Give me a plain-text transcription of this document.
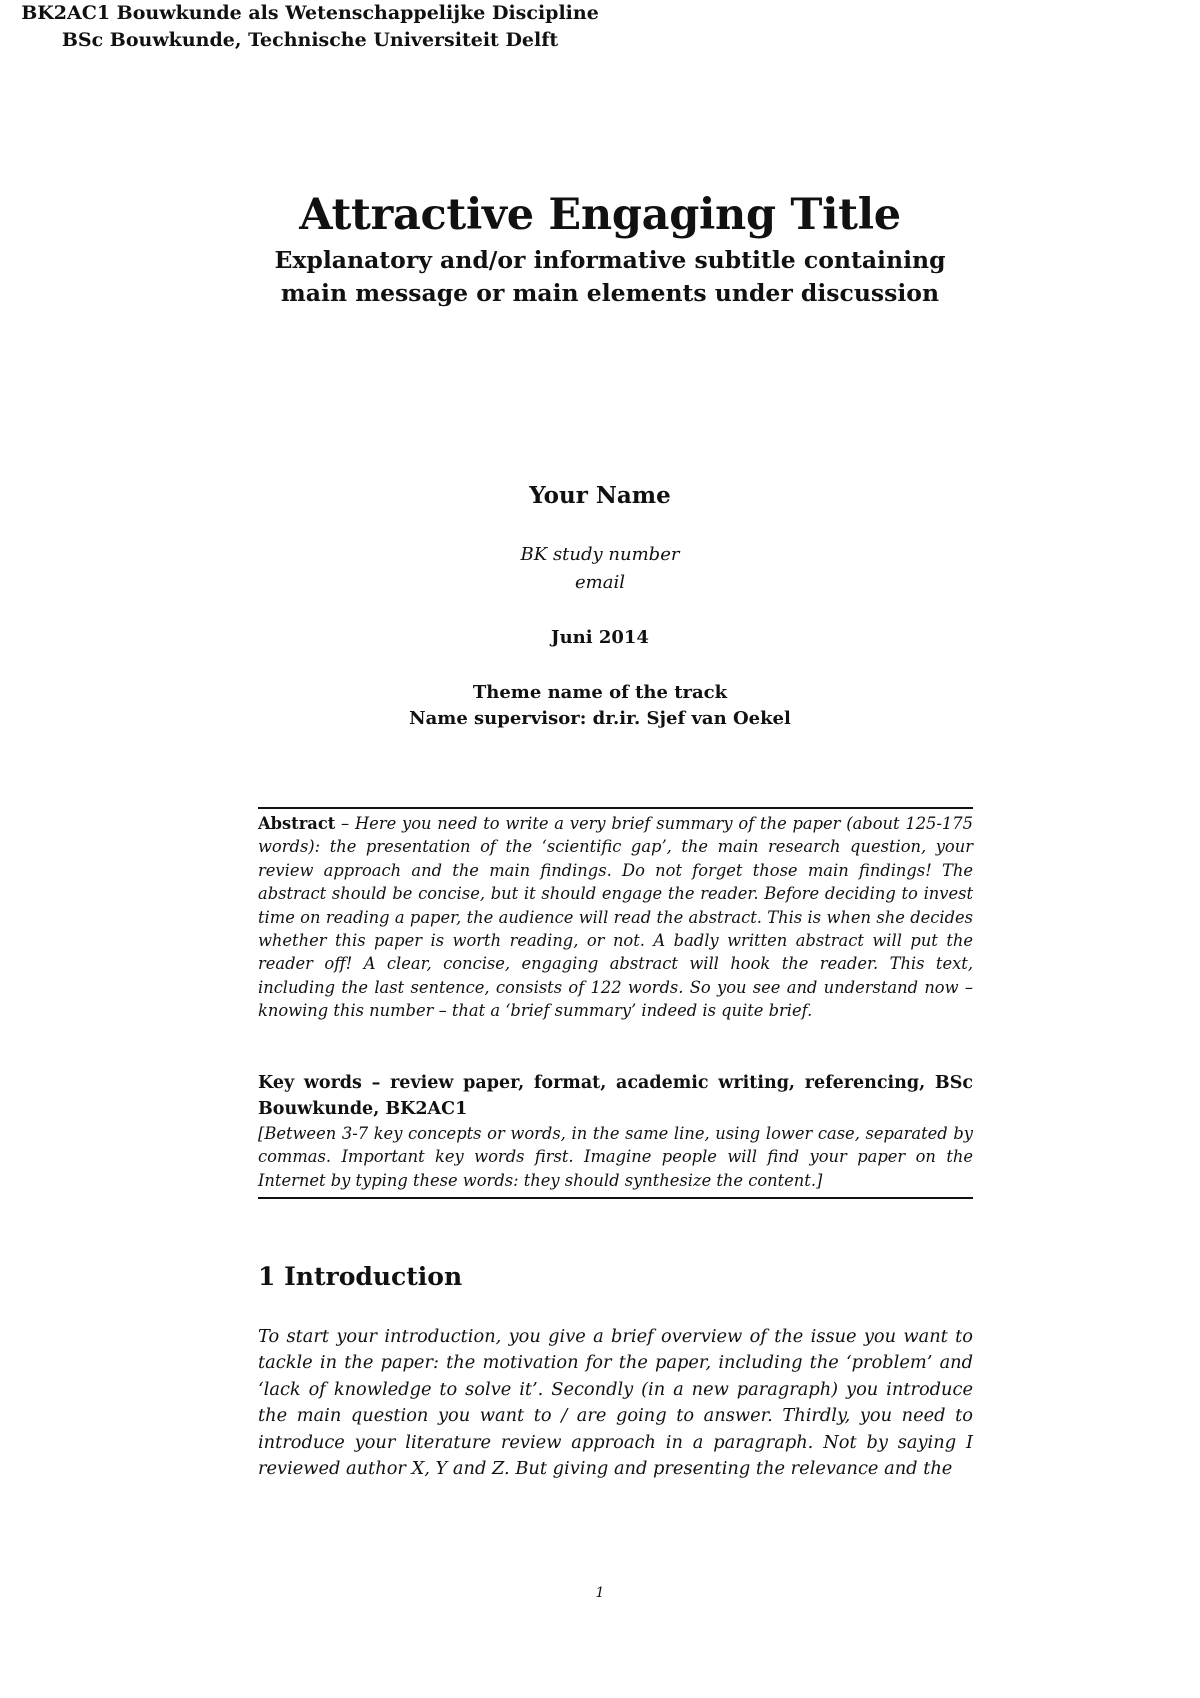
Attractive Engaging Title
Explanatory and/or informative subtitle containing main message or main elements under discussion
BK2AC1 Bouwkunde als Wetenschappelijke Discipline
BSc Bouwkunde, Technische Universiteit Delft
Your Name
BK study number
email
Juni 2014
Theme name of the track
Name supervisor: dr.ir. Sjef van Oekel
Abstract – Here you need to write a very brief summary of the paper (about 125-175 words): the presentation of the ‘scientific gap’, the main research question, your review approach and the main findings. Do not forget those main findings! The abstract should be concise, but it should engage the reader. Before deciding to invest time on reading a paper, the audience will read the abstract. This is when she decides whether this paper is worth reading, or not. A badly written abstract will put the reader off! A clear, concise, engaging abstract will hook the reader. This text, including the last sentence, consists of 122 words. So you see and understand now – knowing this number – that a ‘brief summary’ indeed is quite brief.
Key words – review paper, format, academic writing, referencing, BSc Bouwkunde, BK2AC1
[Between 3-7 key concepts or words, in the same line, using lower case, separated by commas. Important key words first. Imagine people will find your paper on the Internet by typing these words: they should synthesize the content.]
1 Introduction
To start your introduction, you give a brief overview of the issue you want to tackle in the paper: the motivation for the paper, including the ‘problem’ and ‘lack of knowledge to solve it’. Secondly (in a new paragraph) you introduce the main question you want to / are going to answer. Thirdly, you need to introduce your literature review approach in a paragraph. Not by saying I reviewed author X, Y and Z. But giving and presenting the relevance and the
1
